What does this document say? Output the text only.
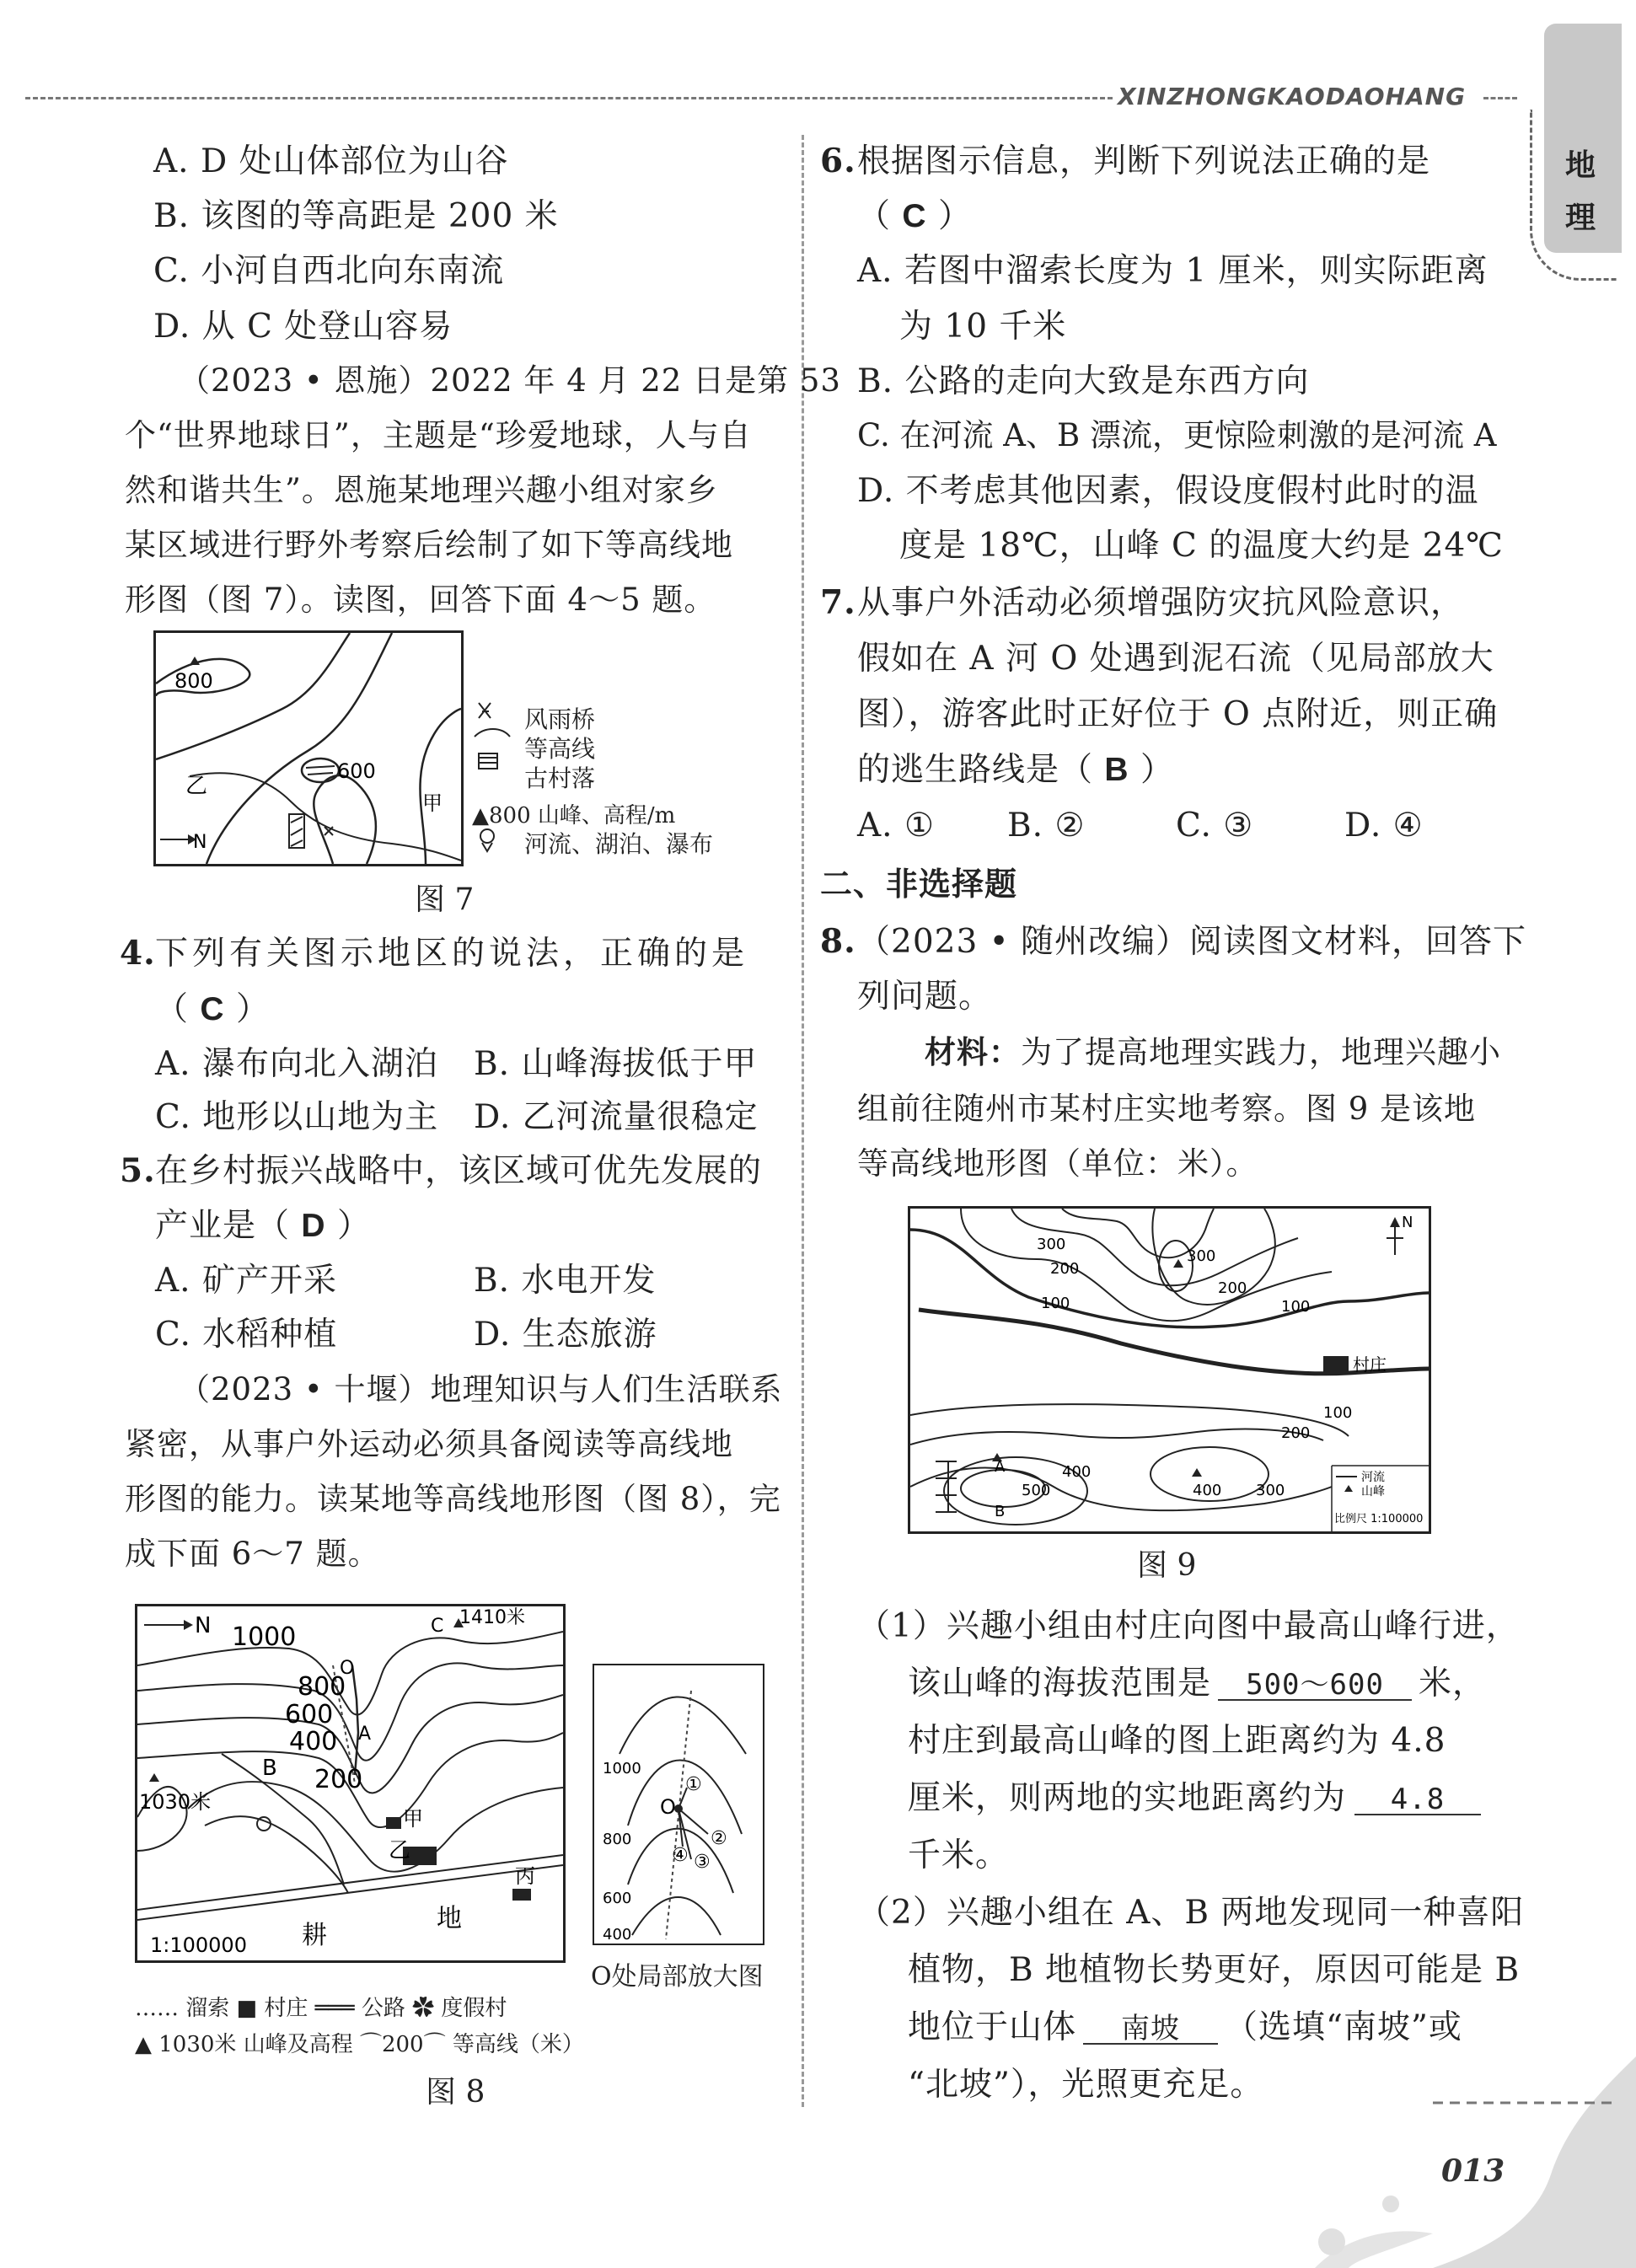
XINZHONGKAODAOHANG
地
理
A. D 处山体部位为山谷
B. 该图的等高距是 200 米
C. 小河自西北向东南流
D. 从 C 处登山容易
（2023 • 恩施）2022 年 4 月 22 日是第 53
个“世界地球日”，主题是“珍爱地球，人与自
然和谐共生”。恩施某地理兴趣小组对家乡
某区域进行野外考察后绘制了如下等高线地
形图（图 7）。读图，回答下面 4～5 题。
800
600
甲
乙
N
风雨桥
等高线
古村落
▲800 山峰、高程/m
河流、湖泊、瀑布
图 7
4. 下列有关图示地区的说法，正确的是
（ C ）
A. 瀑布向北入湖泊 B. 山峰海拔低于甲
C. 地形以山地为主 D. 乙河流量很稳定
5. 在乡村振兴战略中，该区域可优先发展的
产业是（ D ）
A. 矿产开采	B. 水电开发
C. 水稻种植	D. 生态旅游
（2023 • 十堰）地理知识与人们生活联系
紧密，从事户外运动必须具备阅读等高线地
形图的能力。读某地等高线地形图（图 8），完
成下面 6～7 题。
N 1000	C 1410米
O
800
600
400 A
B 200
1030米
甲
乙
丙
耕
地
1:100000
1000
800
600
400
O
①
②
③
④
O处局部放大图
…… 溜索 ■ 村庄 ═══ 公路 ✿ 度假村
▲ 1030米 山峰及高程 ⌒200⌒ 等高线（米）
图 8
6. 根据图示信息，判断下列说法正确的是
（ C ）
A. 若图中溜索长度为 1 厘米，则实际距离
为 10 千米
B. 公路的走向大致是东西方向
C. 在河流 A、B 漂流，更惊险刺激的是河流 A
D. 不考虑其他因素，假设度假村此时的温
度是 18℃，山峰 C 的温度大约是 24℃
7. 从事户外活动必须增强防灾抗风险意识，
假如在 A 河 O 处遇到泥石流（见局部放大
图），游客此时正好位于 O 点附近，则正确
的逃生路线是（ B ）
A. ① B. ②	C. ③	D. ④
二、非选择题
8. （2023 • 随州改编）阅读图文材料，回答下
列问题。
材料：为了提高地理实践力，地理兴趣小
组前往随州市某村庄实地考察。图 9 是该地
等高线地形图（单位：米）。
N
300
200
100
300
200
100
村庄
100
200
A	400
500	400 300
B
河流
山峰
比例尺 1:100000
图 9
（1）兴趣小组由村庄向图中最高山峰行进，
该山峰的海拔范围是 500～600 米，
村庄到最高山峰的图上距离约为 4.8
厘米，则两地的实地距离约为 4.8
千米。
（2）兴趣小组在 A、B 两地发现同一种喜阳
植物，B 地植物长势更好，原因可能是 B
地位于山体 南坡 （选填“南坡”或
“北坡”），光照更充足。
013
